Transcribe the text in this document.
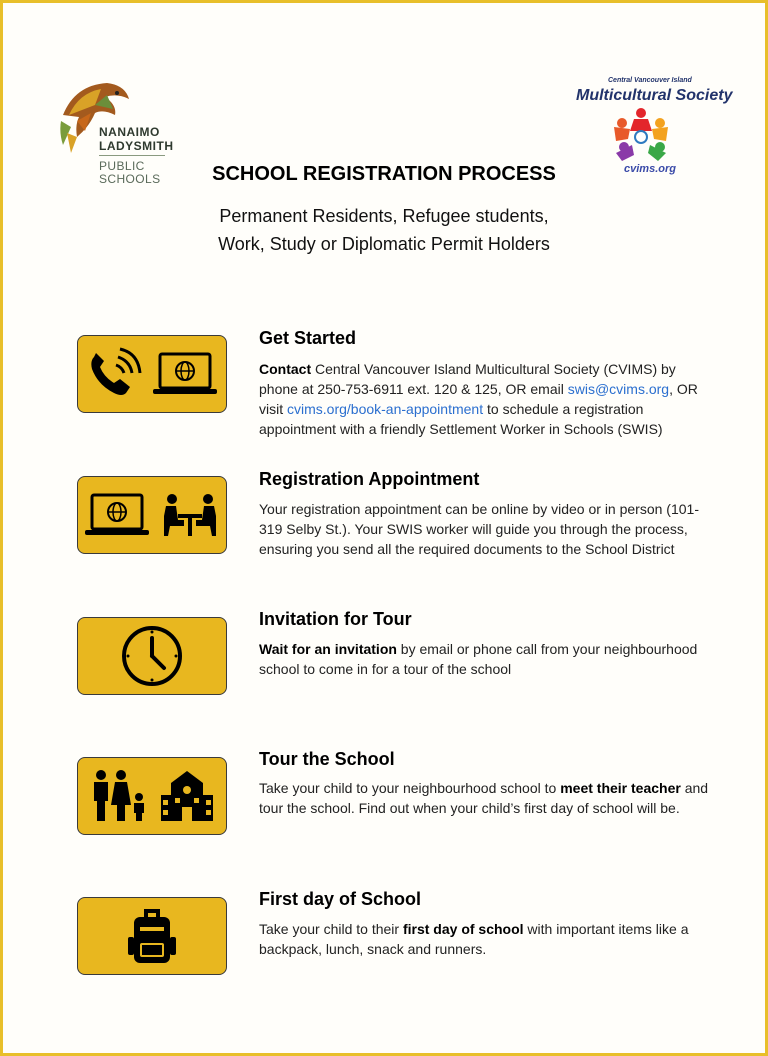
NANAIMO
LADYSMITH
PUBLIC
SCHOOLS
Central Vancouver Island
Multicultural Society
cvims.org
SCHOOL REGISTRATION PROCESS
Permanent Residents, Refugee students,
Work, Study or Diplomatic Permit Holders
Get Started
Contact Central Vancouver Island Multicultural Society (CVIMS) by phone at 250-753-6911 ext. 120 & 125, OR email swis@cvims.org, OR visit cvims.org/book-an-appointment to schedule a registration appointment with a friendly Settlement Worker in Schools (SWIS)
Registration Appointment
Your registration appointment can be online by video or in person (101-319 Selby St.). Your SWIS worker will guide you through the process, ensuring you send all the required documents to the School District
Invitation for Tour
Wait for an invitation by email or phone call from your neighbourhood school to come in for a tour of the school
Tour the School
Take your child to your neighbourhood school to meet their teacher and tour the school. Find out when your child’s first day of school will be.
First day of School
Take your child to their first day of school with important items like a backpack, lunch, snack and runners.
